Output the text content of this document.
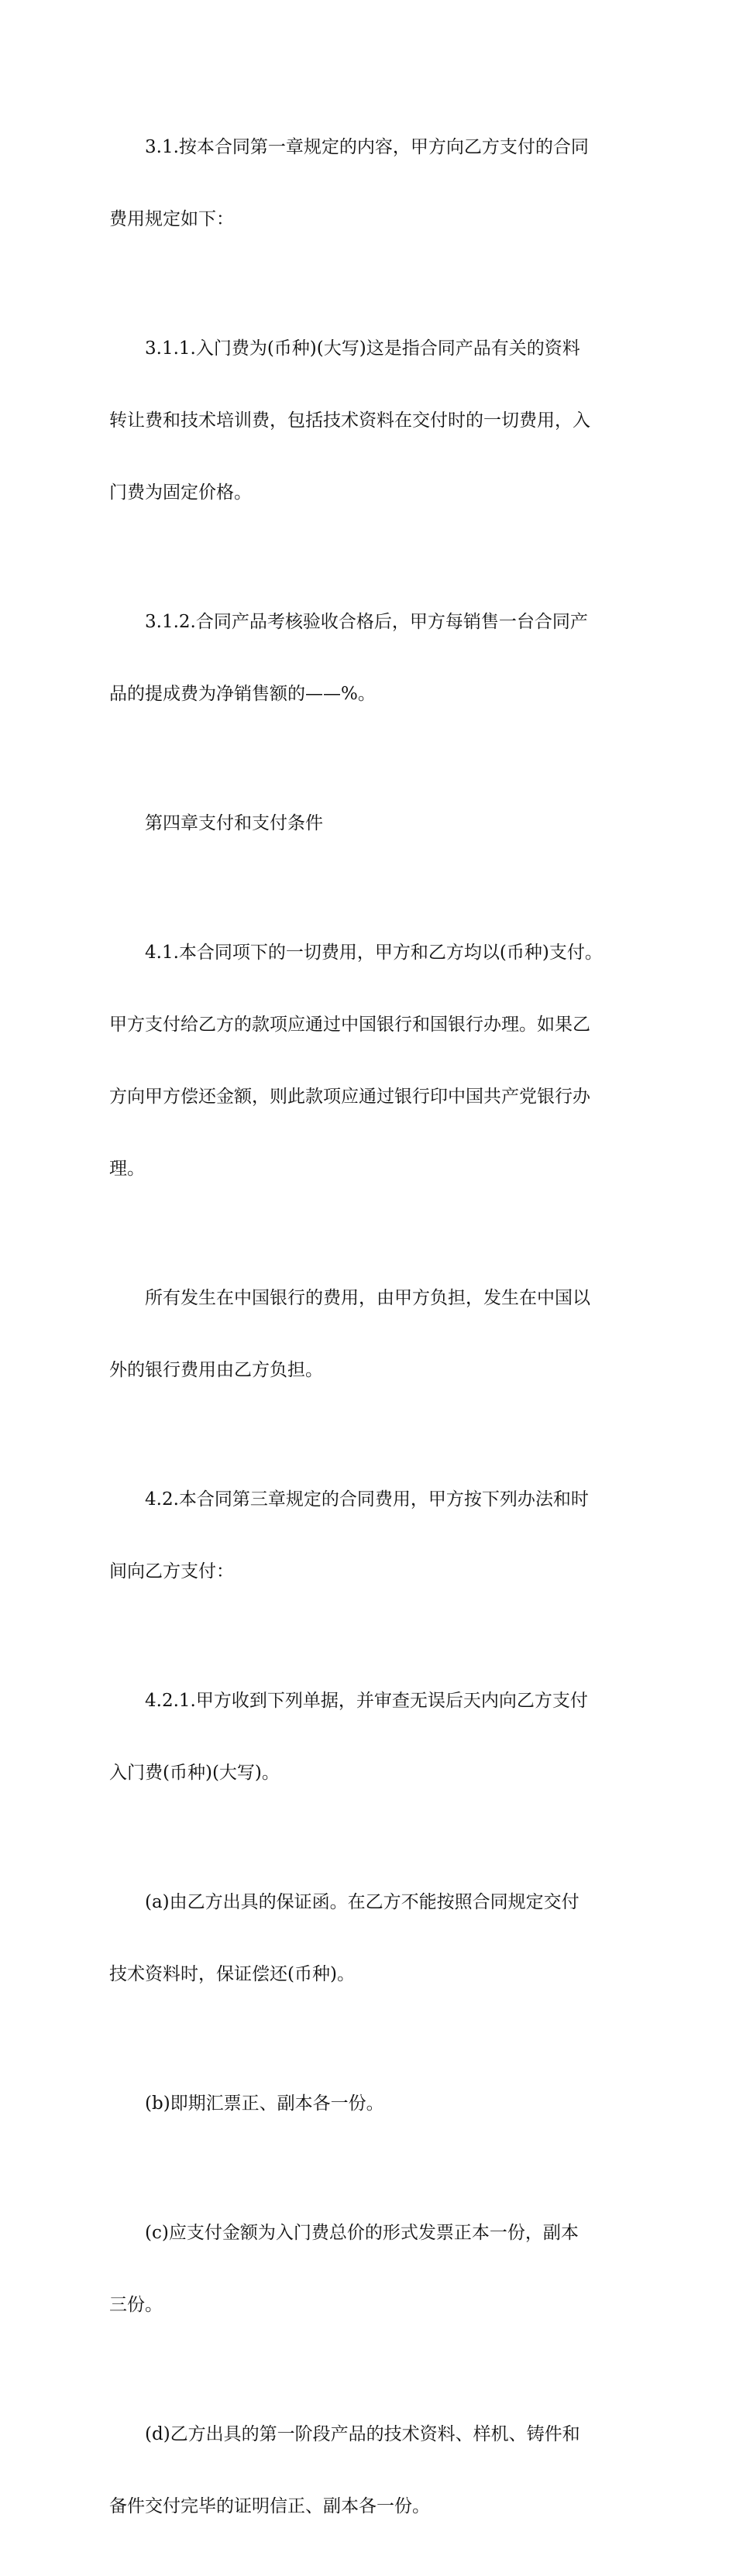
3.1.按本合同第一章规定的内容，甲方向乙方支付的合同

费用规定如下：

3.1.1.入门费为(币种)(大写)这是指合同产品有关的资料

转让费和技术培训费，包括技术资料在交付时的一切费用，入

门费为固定价格。

3.1.2.合同产品考核验收合格后，甲方每销售一台合同产

品的提成费为净销售额的——%。

第四章支付和支付条件

4.1.本合同项下的一切费用，甲方和乙方均以(币种)支付。

甲方支付给乙方的款项应通过中国银行和国银行办理。如果乙

方向甲方偿还金额，则此款项应通过银行印中国共产党银行办

理。

所有发生在中国银行的费用，由甲方负担，发生在中国以

外的银行费用由乙方负担。

4.2.本合同第三章规定的合同费用，甲方按下列办法和时

间向乙方支付：

4.2.1.甲方收到下列单据，并审查无误后天内向乙方支付

入门费(币种)(大写)。

(a)由乙方出具的保证函。在乙方不能按照合同规定交付

技术资料时，保证偿还(币种)。

(b)即期汇票正、副本各一份。

(c)应支付金额为入门费总价的形式发票正本一份，副本

三份。

(d)乙方出具的第一阶段产品的技术资料、样机、铸件和

备件交付完毕的证明信正、副本各一份。
